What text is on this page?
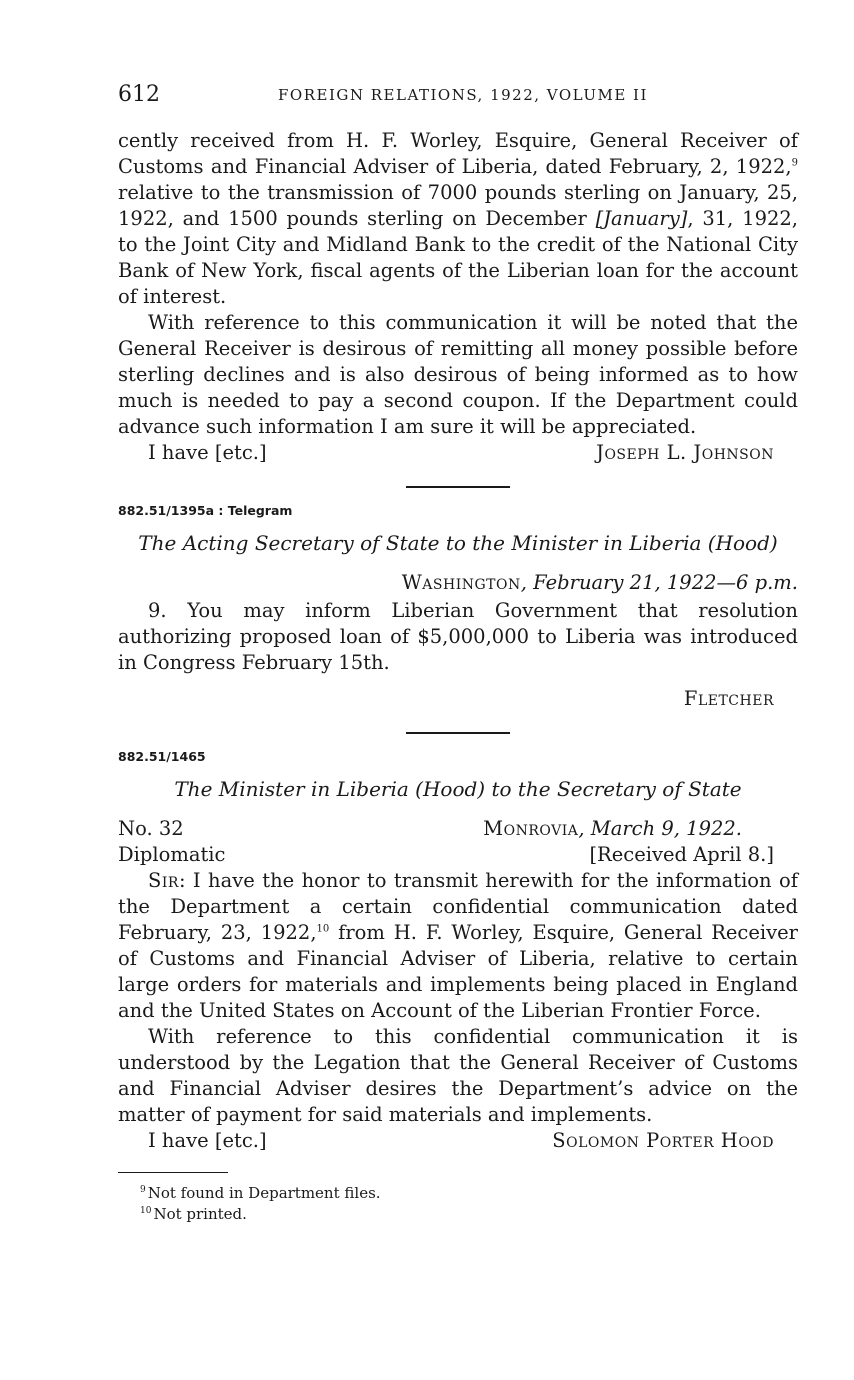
612	FOREIGN RELATIONS, 1922, VOLUME II

cently received from H. F. Worley, Esquire, General Receiver of Customs and Financial Adviser of Liberia, dated February, 2, 1922,$^9$ relative to the transmission of 7000 pounds sterling on January, 25, 1922, and 1500 pounds sterling on December [January], 31, 1922, to the Joint City and Midland Bank to the credit of the National City Bank of New York, fiscal agents of the Liberian loan for the account of interest.

With reference to this communication it will be noted that the General Receiver is desirous of remitting all money possible before sterling declines and is also desirous of being informed as to how much is needed to pay a second coupon. If the Department could advance such information I am sure it will be appreciated.

I have [etc.]	Joseph L. Johnson
882.51/1395a : Telegram
The Acting Secretary of State to the Minister in Liberia (Hood)
Washington, February 21, 1922—6 p.m.

9. You may inform Liberian Government that resolution authorizing proposed loan of $5,000,000 to Liberia was introduced in Congress February 15th.

Fletcher
882.51/1465
The Minister in Liberia (Hood) to the Secretary of State
No. 32	Monrovia, March 9, 1922.
Diplomatic	[Received April 8.]

Sir: I have the honor to transmit herewith for the information of the Department a certain confidential communication dated February, 23, 1922,10 from H. F. Worley, Esquire, General Receiver of Customs and Financial Adviser of Liberia, relative to certain large orders for materials and implements being placed in England and the United States on Account of the Liberian Frontier Force.

With reference to this confidential communication it is understood by the Legation that the General Receiver of Customs and Financial Adviser desires the Department’s advice on the matter of payment for said materials and implements.

I have [etc.]	Solomon Porter Hood
$^9$ Not found in Department files.
$^{10}$ Not printed.
